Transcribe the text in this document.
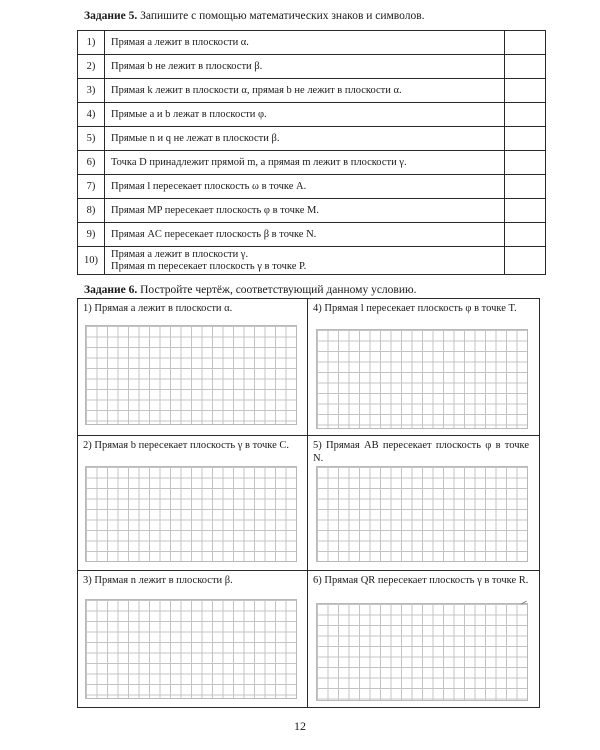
Задание 5. Запишите с помощью математических знаков и символов.
1)	Прямая a лежит в плоскости α.	
2)	Прямая b не лежит в плоскости β.	
3)	Прямая k лежит в плоскости α, прямая b не лежит в плоскости α.	
4)	Прямые a и b лежат в плоскости φ.	
5)	Прямые n и q не лежат в плоскости β.	
6)	Точка D принадлежит прямой m, а прямая m лежит в плоскости γ.	
7)	Прямая l пересекает плоскость ω в точке A.	
8)	Прямая MP пересекает плоскость φ в точке M.	
9)	Прямая AC пересекает плоскость β в точке N.	
10)	Прямая a лежит в плоскости γ.
Прямая m пересекает плоскость γ в точке P.	

Задание 6. Постройте чертёж, соответствующий данному условию.
1) Прямая a лежит в плоскости α.	4) Прямая l пересекает плоскость φ в точке T.
2) Прямая b пересекает плоскость γ в точке C.	5) Прямая AB пересекает плоскость φ в точке N.
3) Прямая n лежит в плоскости β.	6) Прямая QR пересекает плоскость γ в точке R.
12
